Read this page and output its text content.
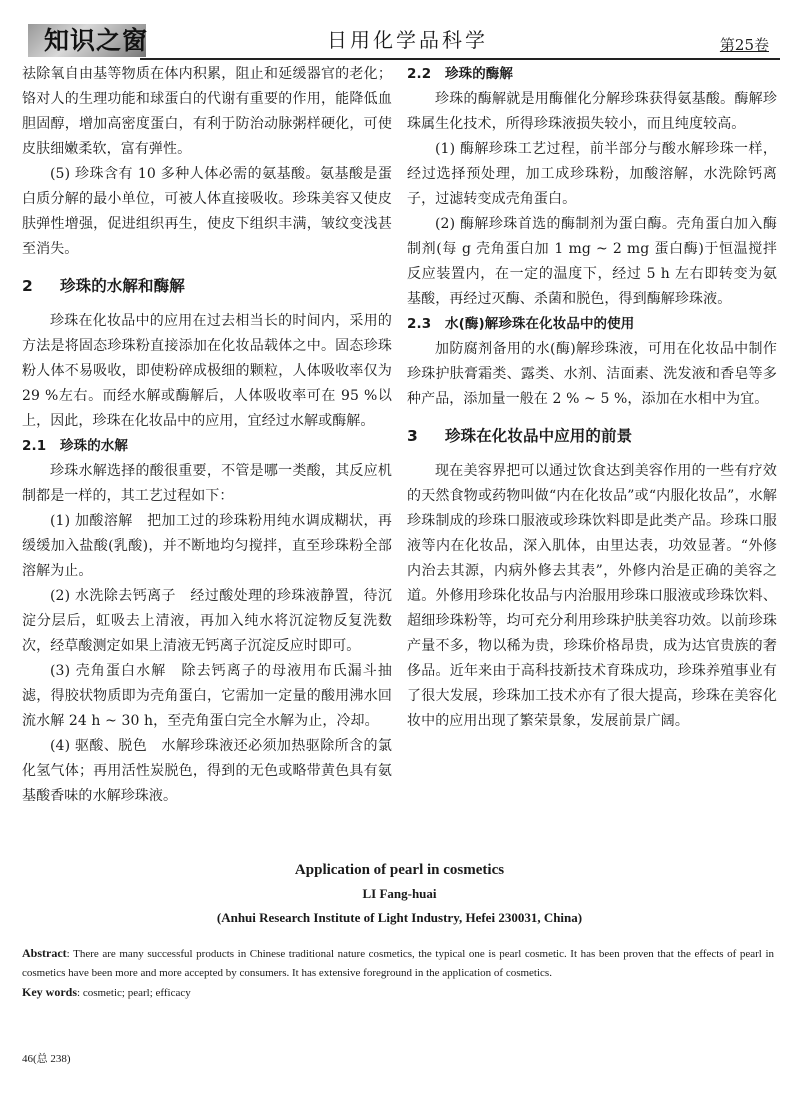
知识之窗	日用化学品科学	第25卷

祛除氧自由基等物质在体内积累，阻止和延缓器官的老化；铬对人的生理功能和球蛋白的代谢有重要的作用，能降低血胆固醇，增加高密度蛋白，有利于防治动脉粥样硬化，可使皮肤细嫩柔软，富有弹性。

(5) 珍珠含有 10 多种人体必需的氨基酸。氨基酸是蛋白质分解的最小单位，可被人体直接吸收。珍珠美容又使皮肤弹性增强，促进组织再生，使皮下组织丰满，皱纹变浅甚至消失。

2 珍珠的水解和酶解

珍珠在化妆品中的应用在过去相当长的时间内，采用的方法是将固态珍珠粉直接添加在化妆品载体之中。固态珍珠粉人体不易吸收，即使粉碎成极细的颗粒，人体吸收率仅为 29 %左右。而经水解或酶解后，人体吸收率可在 95 %以上，因此，珍珠在化妆品中的应用，宜经过水解或酶解。

2.1 珍珠的水解

珍珠水解选择的酸很重要，不管是哪一类酸，其反应机制都是一样的，其工艺过程如下：

(1) 加酸溶解　把加工过的珍珠粉用纯水调成糊状，再缓缓加入盐酸(乳酸)，并不断地均匀搅拌，直至珍珠粉全部溶解为止。

(2) 水洗除去钙离子　经过酸处理的珍珠液静置，待沉淀分层后，虹吸去上清液，再加入纯水将沉淀物反复洗数次，经草酸测定如果上清液无钙离子沉淀反应时即可。

(3) 壳角蛋白水解　除去钙离子的母液用布氏漏斗抽滤，得胶状物质即为壳角蛋白，它需加一定量的酸用沸水回流水解 24 h ~ 30 h，至壳角蛋白完全水解为止，冷却。

(4) 驱酸、脱色　水解珍珠液还必须加热驱除所含的氯化氢气体；再用活性炭脱色，得到的无色或略带黄色具有氨基酸香味的水解珍珠液。

2.2 珍珠的酶解

珍珠的酶解就是用酶催化分解珍珠获得氨基酸。酶解珍珠属生化技术，所得珍珠液损失较小，而且纯度较高。

(1) 酶解珍珠工艺过程，前半部分与酸水解珍珠一样，经过选择预处理，加工成珍珠粉，加酸溶解，水洗除钙离子，过滤转变成壳角蛋白。

(2) 酶解珍珠首选的酶制剂为蛋白酶。壳角蛋白加入酶制剂(每 g 壳角蛋白加 1 mg ~ 2 mg 蛋白酶)于恒温搅拌反应装置内，在一定的温度下，经过 5 h 左右即转变为氨基酸，再经过灭酶、杀菌和脱色，得到酶解珍珠液。

2.3 水(酶)解珍珠在化妆品中的使用

加防腐剂备用的水(酶)解珍珠液，可用在化妆品中制作珍珠护肤膏霜类、露类、水剂、洁面素、洗发液和香皂等多种产品，添加量一般在 2 % ~ 5 %，添加在水相中为宜。

3 珍珠在化妆品中应用的前景

现在美容界把可以通过饮食达到美容作用的一些有疗效的天然食物或药物叫做“内在化妆品”或“内服化妆品”，水解珍珠制成的珍珠口服液或珍珠饮料即是此类产品。珍珠口服液等内在化妆品，深入肌体，由里达表，功效显著。“外修内治去其源，内病外修去其表”，外修内治是正确的美容之道。外修用珍珠化妆品与内治服用珍珠口服液或珍珠饮料、超细珍珠粉等，均可充分利用珍珠护肤美容功效。以前珍珠产量不多，物以稀为贵，珍珠价格昂贵，成为达官贵族的奢侈品。近年来由于高科技新技术育珠成功，珍珠养殖事业有了很大发展，珍珠加工技术亦有了很大提高，珍珠在美容化妆中的应用出现了繁荣景象，发展前景广阔。

Application of pearl in cosmetics
LI Fang-huai
(Anhui Research Institute of Light Industry, Hefei 230031, China)
Abstract: There are many successful products in Chinese traditional nature cosmetics, the typical one is pearl cosmetic. It has been proven that the effects of pearl in cosmetics have been more and more accepted by consumers. It has extensive foreground in the application of cosmetics.
Key words: cosmetic; pearl; efficacy
46(总 238)
